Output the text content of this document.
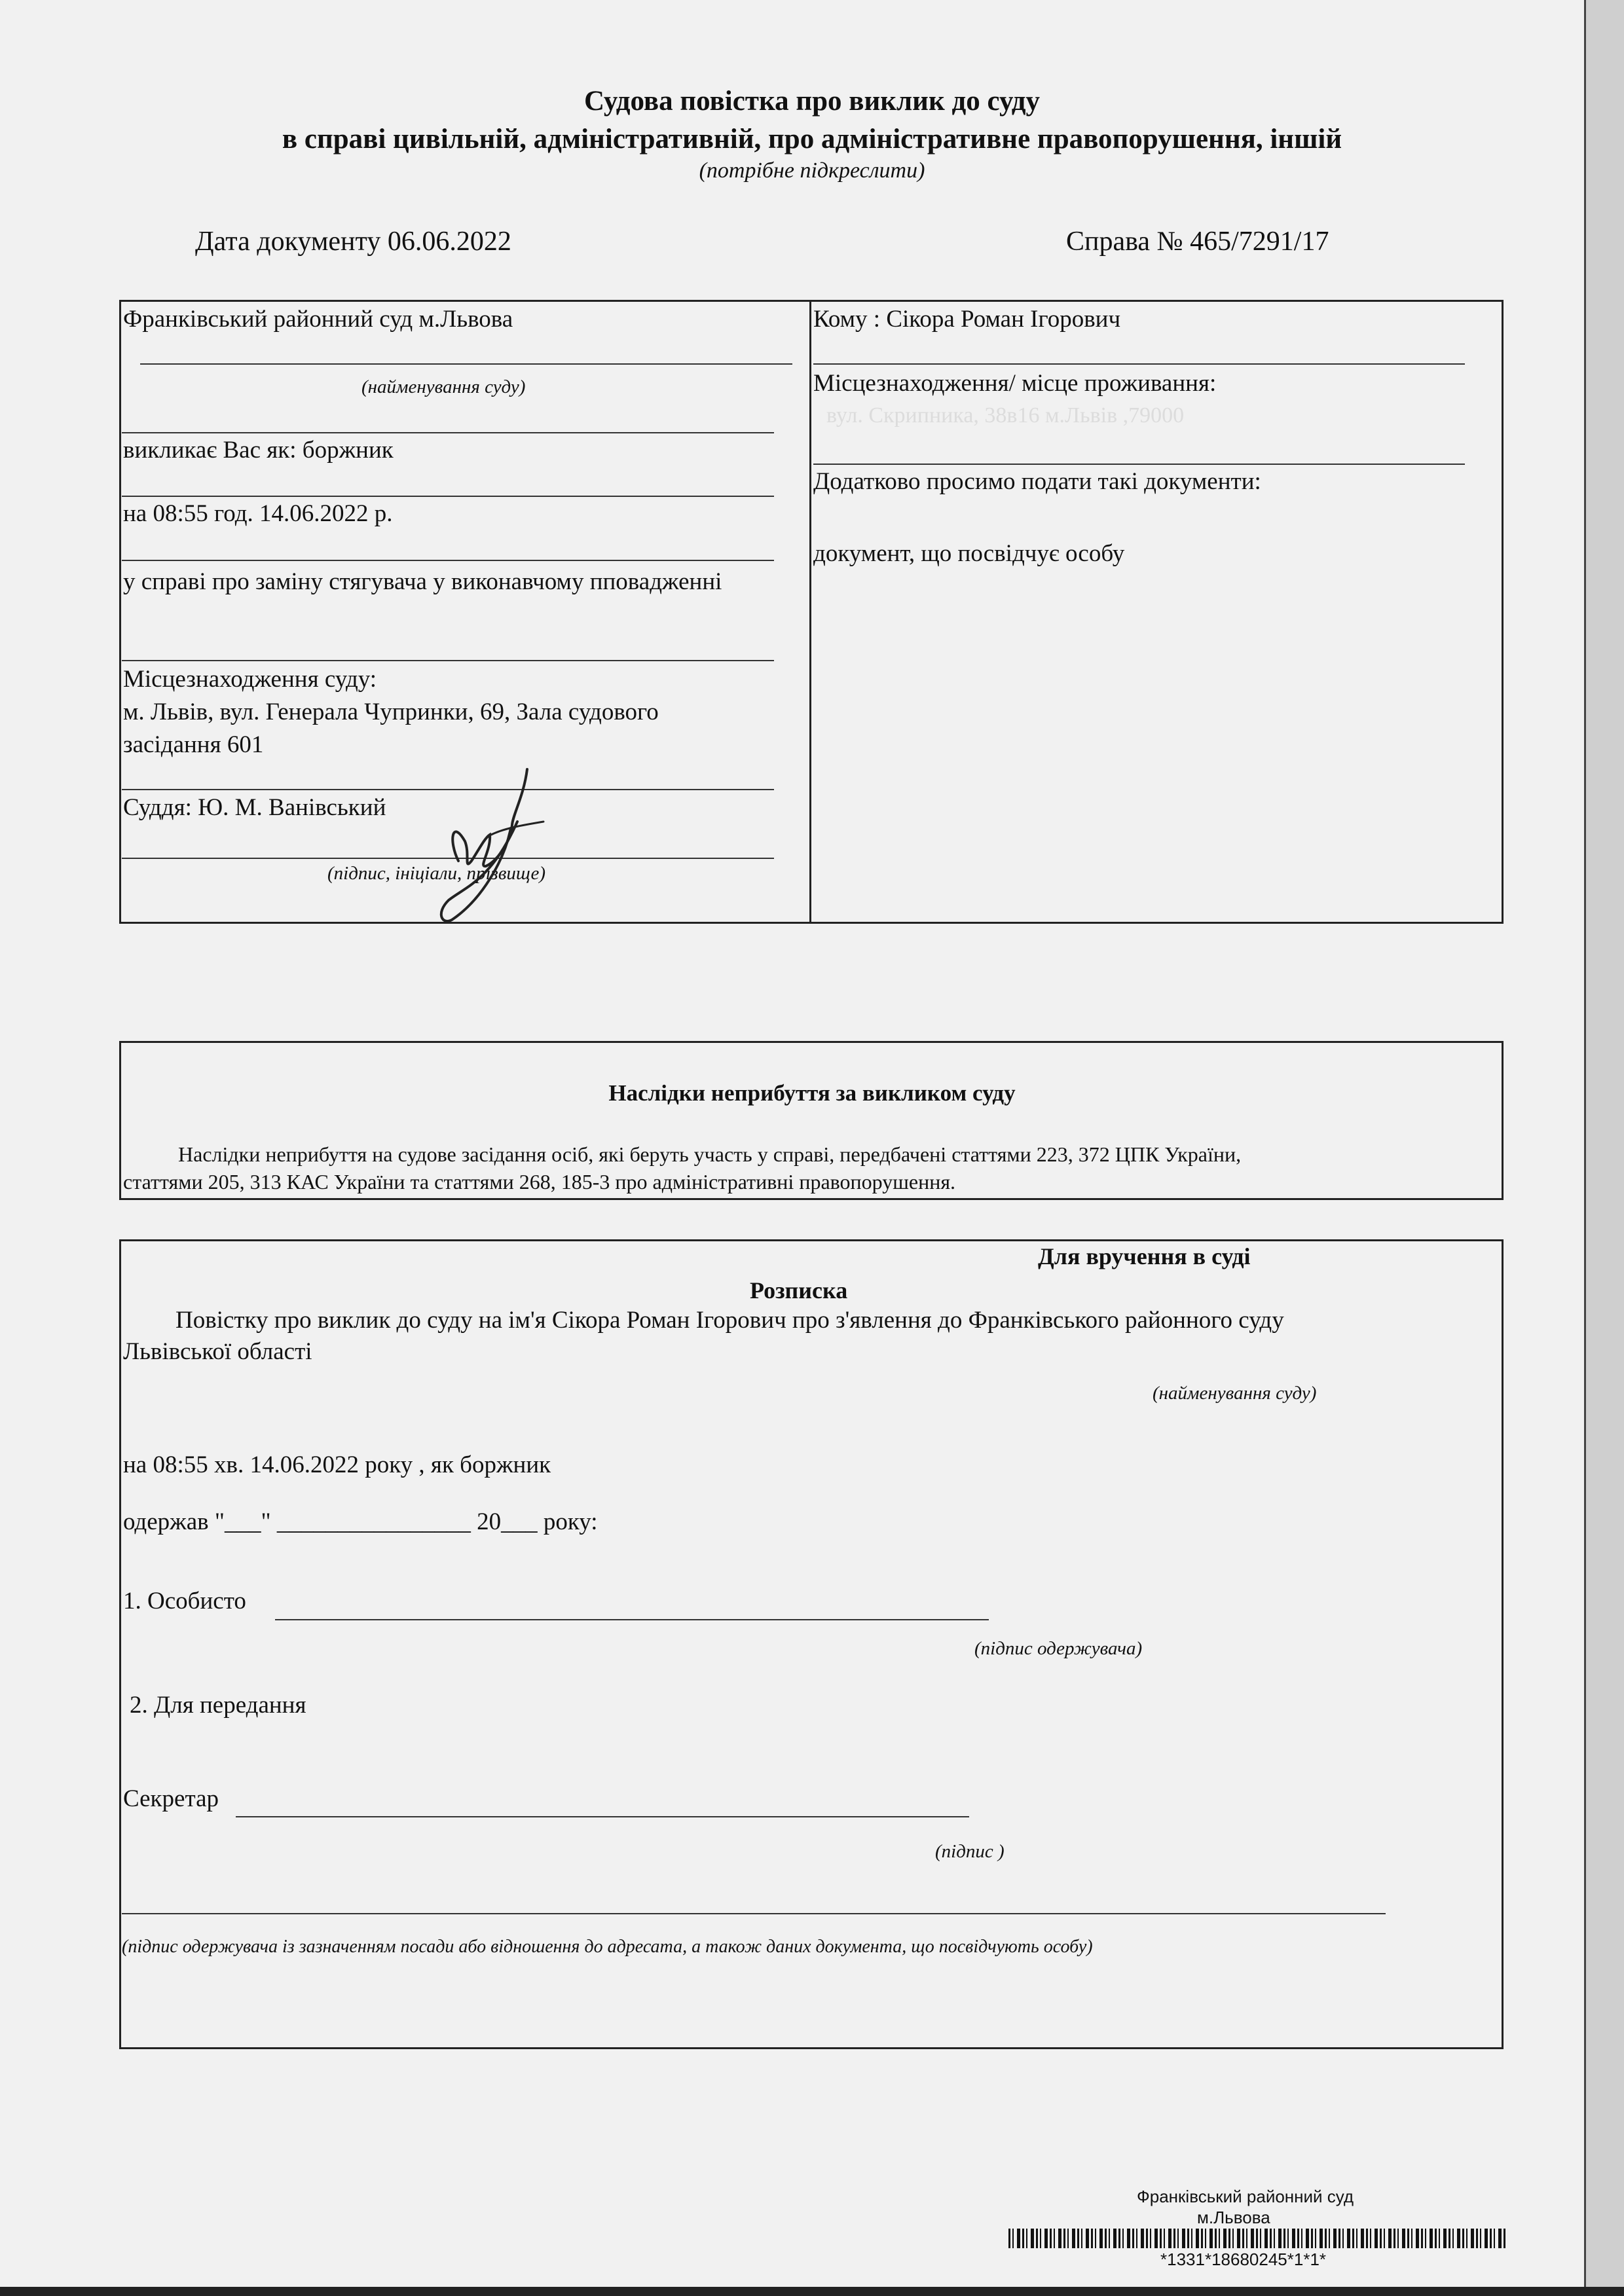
Судова повістка про виклик до суду
в справі цивільній, адміністративній, про адміністративне правопорушення, іншій
(потрібне підкреслити)
Дата документу 06.06.2022	Справа № 465/7291/17
Франківський районний суд м.Львова
(найменування суду)
викликає Вас як: боржник
на 08:55 год. 14.06.2022 р.
у справі про заміну стягувача у виконавчому пповадженні
Місцезнаходження суду:
м. Львів, вул. Генерала Чупринки, 69, Зала судового
засідання 601
Суддя: Ю. М. Ванівський
(підпис, ініціали, прізвище)
Кому : Сікора Роман Ігорович
Місцезнаходження/ місце проживання:
вул. Скрипника, 38в16 м.Львів ,79000
Додатково просимо подати такі документи:
документ, що посвідчує особу
Наслідки неприбуття за викликом суду
Наслідки неприбуття на судове засідання осіб, які беруть участь у справі, передбачені статтями 223, 372 ЦПК України,
статтями 205, 313 КАС України та статтями 268, 185-3 про адміністративні правопорушення.
Для вручення в суді
Розписка
Повістку про виклик до суду на ім'я Сікора Роман Ігорович про з'явлення до Франківського районного суду
Львівської області
(найменування суду)
на 08:55 хв. 14.06.2022 року , як боржник
одержав "___" ________________ 20___ року:
1. Особисто
(підпис одержувача)
2. Для передання
Секретар
(підпис )
(підпис одержувача із зазначенням посади або відношення до адресата, а також даних документа, що посвідчують особу)
Франківський районний суд
м.Львова
*1331*18680245*1*1*
